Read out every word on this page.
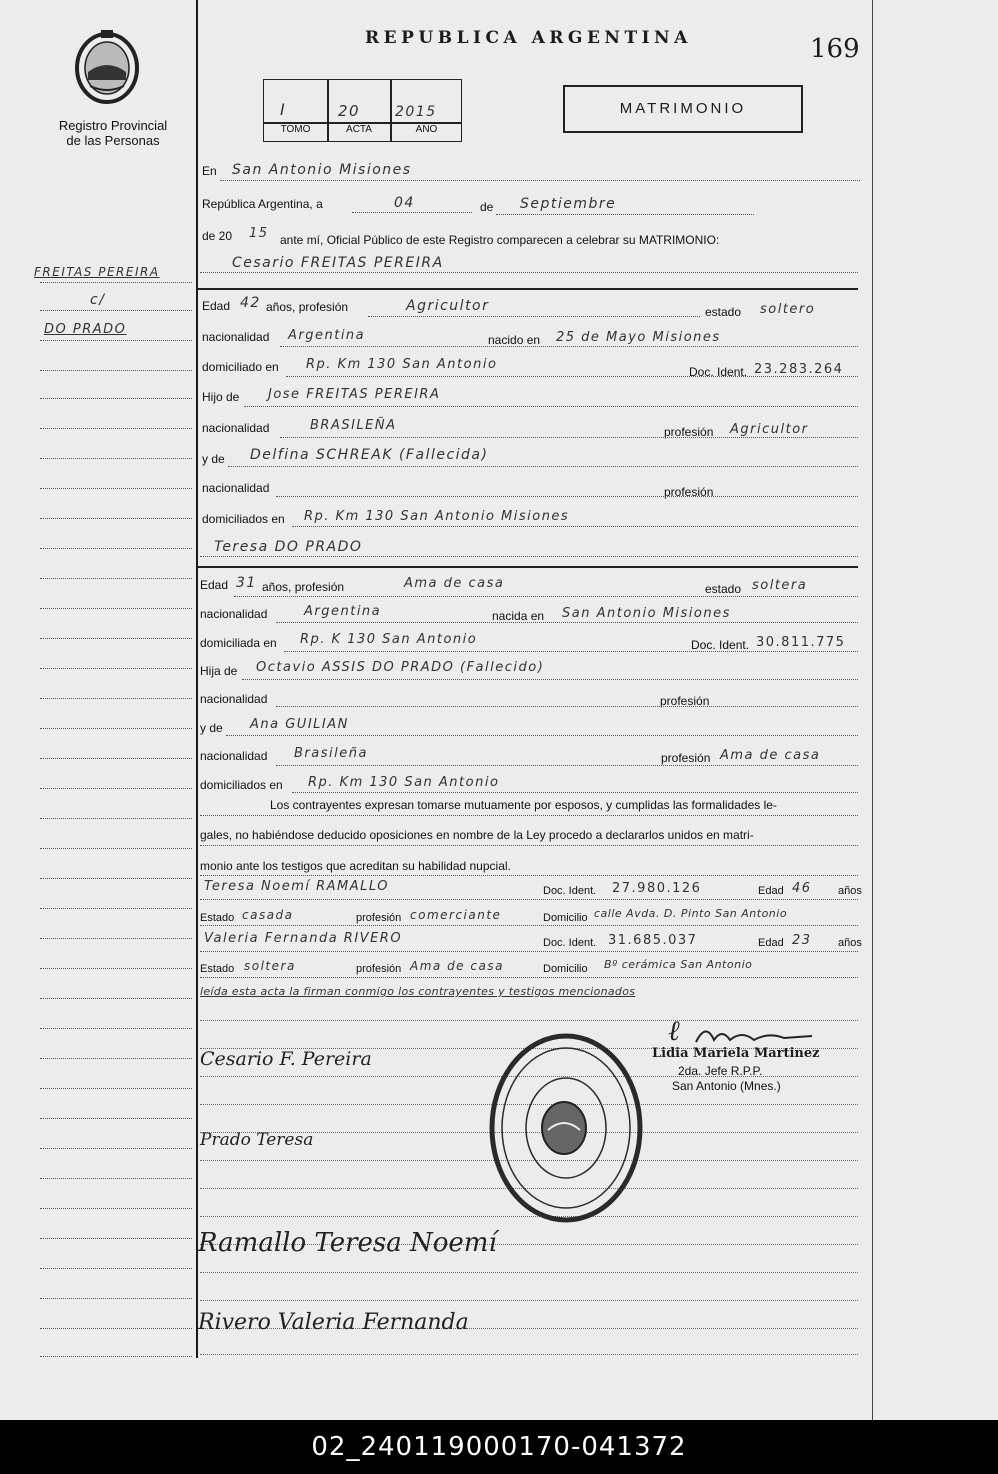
Registro Provincial
de las Personas
REPUBLICA ARGENTINA	169
I	20 2015
TOMO	ACTA	AÑO
MATRIMONIO
FREITAS PEREIRA
c/
DO PRADO
En San Antonio Misiones
República Argentina, a	04	de Septiembre
de 20 15 ante mí, Oficial Público de este Registro comparecen a celebrar su MATRIMONIO:
Cesario FREITAS PEREIRA
Edad 42 años, profesión	Agricultor	estado soltero
nacionalidad Argentina	nacido en 25 de Mayo Misiones
domiciliado en Rp. Km 130 San Antonio	Doc. Ident. 23.283.264
Hijo de Jose FREITAS PEREIRA
nacionalidad	BRASILEÑA	profesión Agricultor
y de Delfina SCHREAK (Fallecida)
nacionalidad	profesión
domiciliados en Rp. Km 130 San Antonio Misiones
Teresa DO PRADO
Edad 31 años, profesión	Ama de casa	estado soltera
nacionalidad	Argentina	nacida en San Antonio Misiones
domiciliada en Rp. K 130 San Antonio	Doc. Ident. 30.811.775
Hija de Octavio ASSIS DO PRADO (Fallecido)
nacionalidad	profesión
y de Ana GUILIAN
nacionalidad Brasileña	profesión Ama de casa
domiciliados en Rp. Km 130 San Antonio
Los contrayentes expresan tomarse mutuamente por esposos, y cumplidas las formalidades le-
gales, no habiéndose deducido oposiciones en nombre de la Ley procedo a declararlos unidos en matri-
monio ante los testigos que acreditan su habilidad nupcial.
Teresa Noemí RAMALLO	Doc. Ident. 27.980.126	Edad 46 años
Estado casada	profesión comerciante	Domicilio calle Avda. D. Pinto San Antonio
Valeria Fernanda RIVERO	Doc. Ident. 31.685.037	Edad 23 años
Estado soltera	profesión Ama de casa	Domicilio Bº cerámica San Antonio
leída esta acta la firman conmigo los contrayentes y testigos mencionados
ℓ
Lidia Mariela Martinez
2da. Jefe R.P.P.
San Antonio (Mnes.)
Cesario F. Pereira
Prado Teresa
Ramallo Teresa Noemí
Rivero Valeria Fernanda
02_240119000170-041372
